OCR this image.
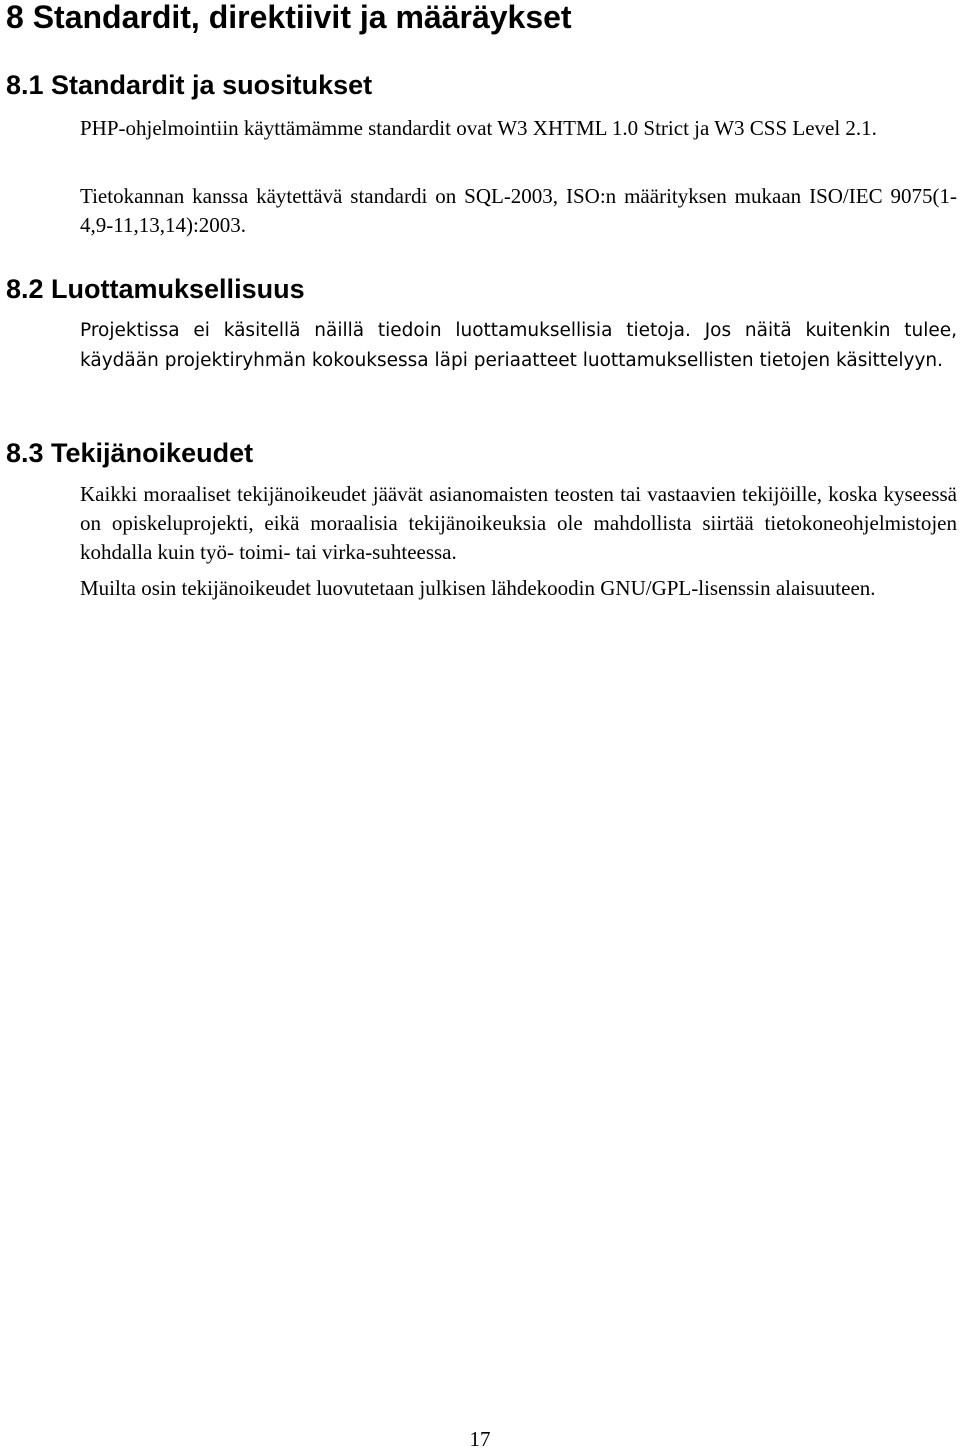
8 Standardit, direktiivit ja määräykset
8.1 Standardit ja suositukset

PHP-ohjelmointiin käyttämämme standardit ovat W3 XHTML 1.0 Strict ja W3 CSS Level 2.1.

Tietokannan kanssa käytettävä standardi on SQL-2003, ISO:n määrityksen mukaan ISO/IEC 9075(1-4,9-11,13,14):2003.

8.2 Luottamuksellisuus

Projektissa ei käsitellä näillä tiedoin luottamuksellisia tietoja. Jos näitä kuitenkin tulee, käydään projektiryhmän kokouksessa läpi periaatteet luottamuksellisten tietojen käsittelyyn.

8.3 Tekijänoikeudet

Kaikki moraaliset tekijänoikeudet jäävät asianomaisten teosten tai vastaavien tekijöille, koska kyseessä on opiskeluprojekti, eikä moraalisia tekijänoikeuksia ole mahdollista siirtää tietokoneohjelmistojen kohdalla kuin työ- toimi- tai virka-suhteessa.

Muilta osin tekijänoikeudet luovutetaan julkisen lähdekoodin GNU/GPL-lisenssin alaisuuteen.

17
